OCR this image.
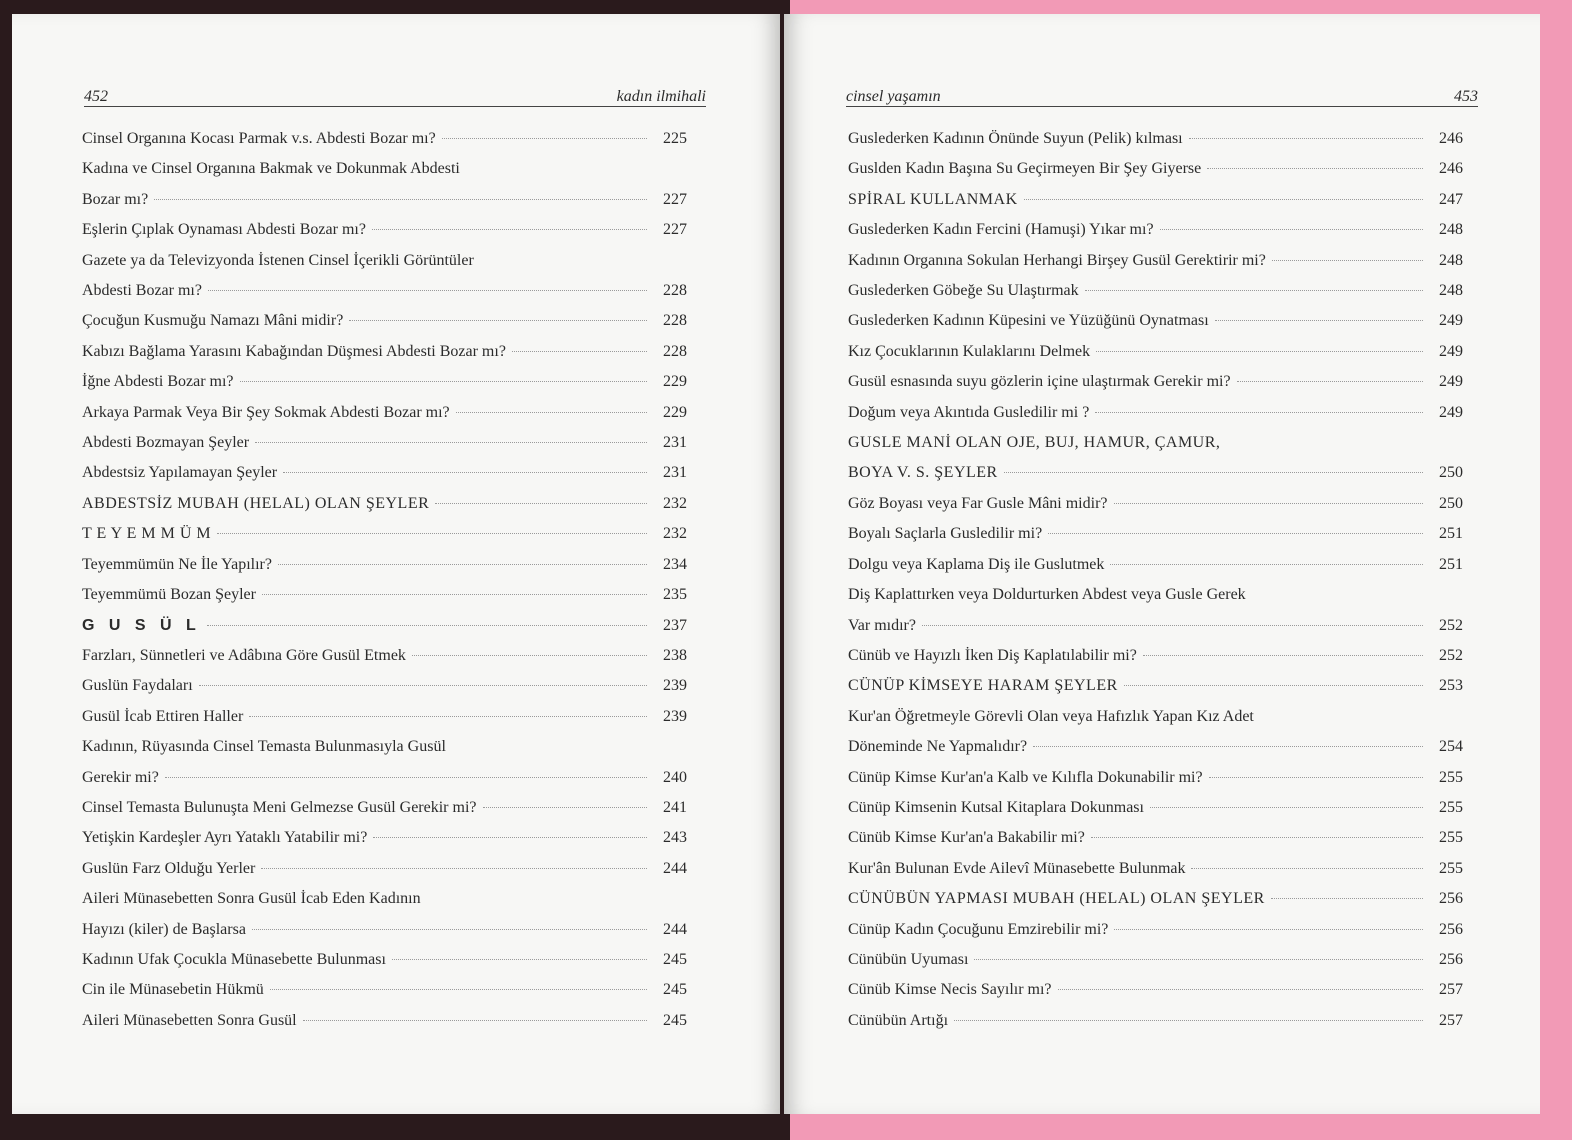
452	kadın ilmihali
Cinsel Organına Kocası Parmak v.s. Abdesti Bozar mı?	225
Kadına ve Cinsel Organına Bakmak ve Dokunmak Abdesti
Bozar mı?	227
Eşlerin Çıplak Oynaması Abdesti Bozar mı?	227
Gazete ya da Televizyonda İstenen Cinsel İçerikli Görüntüler
Abdesti Bozar mı?	228
Çocuğun Kusmuğu Namazı Mâni midir?	228
Kabızı Bağlama Yarasını Kabağından Düşmesi Abdesti Bozar mı?	228
İğne Abdesti Bozar mı?	229
Arkaya Parmak Veya Bir Şey Sokmak Abdesti Bozar mı?	229
Abdesti Bozmayan Şeyler	231
Abdestsiz Yapılamayan Şeyler	231
ABDESTSİZ MUBAH (HELAL) OLAN ŞEYLER	232
T E Y E M M Ü M	232
Teyemmümün Ne İle Yapılır?	234
Teyemmümü Bozan Şeyler	235
G U S Ü L	237
Farzları, Sünnetleri ve Adâbına Göre Gusül Etmek	238
Guslün Faydaları	239
Gusül İcab Ettiren Haller	239
Kadının, Rüyasında Cinsel Temasta Bulunmasıyla Gusül
Gerekir mi?	240
Cinsel Temasta Bulunuşta Meni Gelmezse Gusül Gerekir mi?	241
Yetişkin Kardeşler Ayrı Yataklı Yatabilir mi?	243
Guslün Farz Olduğu Yerler	244
Aileri Münasebetten Sonra Gusül İcab Eden Kadının
Hayızı (kiler) de Başlarsa	244
Kadının Ufak Çocukla Münasebette Bulunması	245
Cin ile Münasebetin Hükmü	245
Aileri Münasebetten Sonra Gusül	245
cinsel yaşamın	453
Guslederken Kadının Önünde Suyun (Pelik) kılması	246
Guslden Kadın Başına Su Geçirmeyen Bir Şey Giyerse	246
SPİRAL KULLANMAK	247
Guslederken Kadın Fercini (Hamuşi) Yıkar mı?	248
Kadının Organına Sokulan Herhangi Birşey Gusül Gerektirir mi?	248
Guslederken Göbeğe Su Ulaştırmak	248
Guslederken Kadının Küpesini ve Yüzüğünü Oynatması	249
Kız Çocuklarının Kulaklarını Delmek	249
Gusül esnasında suyu gözlerin içine ulaştırmak Gerekir mi?	249
Doğum veya Akıntıda Gusledilir mi ?	249
GUSLE MANİ OLAN OJE, BUJ, HAMUR, ÇAMUR,
BOYA V. S. ŞEYLER	250
Göz Boyası veya Far Gusle Mâni midir?	250
Boyalı Saçlarla Gusledilir mi?	251
Dolgu veya Kaplama Diş ile Guslutmek	251
Diş Kaplattırken veya Doldurturken Abdest veya Gusle Gerek
Var mıdır?	252
Cünüb ve Hayızlı İken Diş Kaplatılabilir mi?	252
CÜNÜP KİMSEYE HARAM ŞEYLER	253
Kur'an Öğretmeyle Görevli Olan veya Hafızlık Yapan Kız Adet
Döneminde Ne Yapmalıdır?	254
Cünüp Kimse Kur'an'a Kalb ve Kılıfla Dokunabilir mi?	255
Cünüp Kimsenin Kutsal Kitaplara Dokunması	255
Cünüb Kimse Kur'an'a Bakabilir mi?	255
Kur'ân Bulunan Evde Ailevî Münasebette Bulunmak	255
CÜNÜBÜN YAPMASI MUBAH (HELAL) OLAN ŞEYLER	256
Cünüp Kadın Çocuğunu Emzirebilir mi?	256
Cünübün Uyuması	256
Cünüb Kimse Necis Sayılır mı?	257
Cünübün Artığı	257
